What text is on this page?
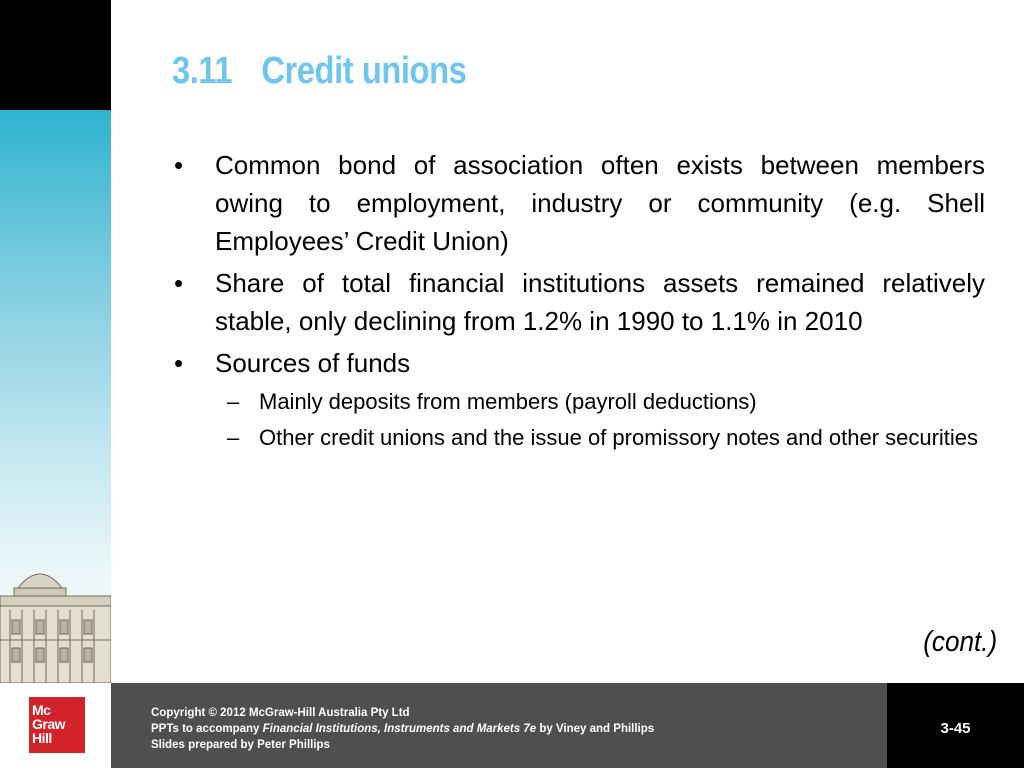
3.11 Credit unions
• Common bond of association often exists between members owing to employment, industry or community (e.g. Shell Employees’ Credit Union)
• Share of total financial institutions assets remained relatively stable, only declining from 1.2% in 1990 to 1.1% in 2010
• Sources of funds
– Mainly deposits from members (payroll deductions)
– Other credit unions and the issue of promissory notes and other securities
(cont.)
Mc
Graw
Hill
Copyright © 2012 McGraw-Hill Australia Pty Ltd
PPTs to accompany Financial Institutions, Instruments and Markets 7e by Viney and Phillips
Slides prepared by Peter Phillips
3-45
